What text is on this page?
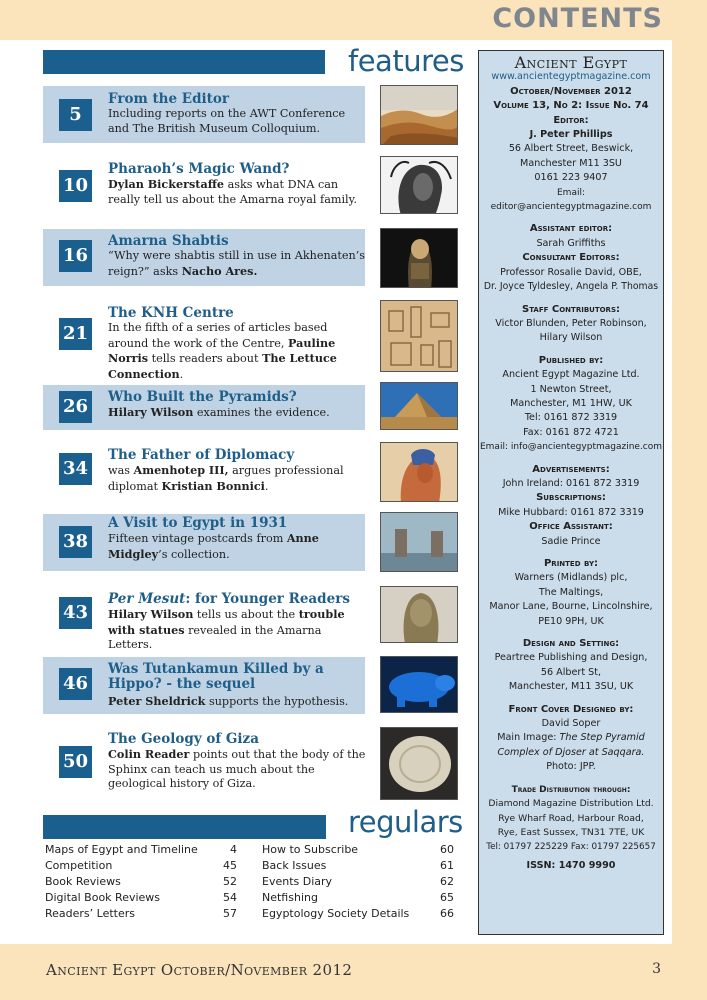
CONTENTS
features
5
From the Editor
Including reports on the AWT Conference and The British Museum Colloquium.
10
Pharaoh’s Magic Wand?
Dylan Bickerstaffe asks what DNA can really tell us about the Amarna royal family.
16
Amarna Shabtis
“Why were shabtis still in use in Akhenaten’s reign?” asks Nacho Ares.
21
The KNH Centre
In the fifth of a series of articles based around the work of the Centre, Pauline Norris tells readers about The Lettuce Connection.
26 Who Built the Pyramids?
Hilary Wilson examines the evidence.
34
The Father of Diplomacy
was Amenhotep III, argues professional diplomat Kristian Bonnici.
38
A Visit to Egypt in 1931
Fifteen vintage postcards from Anne Midgley’s collection.
43
Per Mesut: for Younger Readers
Hilary Wilson tells us about the trouble with statues revealed in the Amarna Letters.
46
Was Tutankamun Killed by a Hippo? - the sequel
Peter Sheldrick supports the hypothesis.
50
The Geology of Giza
Colin Reader points out that the body of the Sphinx can teach us much about the geological history of Giza.
regulars
Maps of Egypt and Timeline	4
Competition	45
Book Reviews	52
Digital Book Reviews	54
Readers’ Letters	57
How to Subscribe	60
Back Issues	61
Events Diary	62
Netfishing	65
Egyptology Society Details	66
Ancient Egypt
www.ancientegyptmagazine.com
October/November 2012
Volume 13, No 2: Issue No. 74
Editor:
J. Peter Phillips
56 Albert Street, Beswick,
Manchester M11 3SU
0161 223 9407
Email: editor@ancientegyptmagazine.com
Assistant editor:
Sarah Griffiths
Consultant Editors:
Professor Rosalie David, OBE,
Dr. Joyce Tyldesley, Angela P. Thomas
Staff Contributors:
Victor Blunden, Peter Robinson,
Hilary Wilson
Published by:
Ancient Egypt Magazine Ltd.
1 Newton Street,
Manchester, M1 1HW, UK
Tel: 0161 872 3319
Fax: 0161 872 4721
Email: info@ancientegyptmagazine.com
Advertisements:
John Ireland: 0161 872 3319
Subscriptions:
Mike Hubbard: 0161 872 3319
Office Assistant:
Sadie Prince
Printed by:
Warners (Midlands) plc,
The Maltings,
Manor Lane, Bourne, Lincolnshire,
PE10 9PH, UK
Design and Setting:
Peartree Publishing and Design,
56 Albert St,
Manchester, M11 3SU, UK
Front Cover Designed by:
David Soper
Main Image: The Step Pyramid
Complex of Djoser at Saqqara.
Photo: JPP.
Trade Distribution through:
Diamond Magazine Distribution Ltd.
Rye Wharf Road, Harbour Road,
Rye, East Sussex, TN31 7TE, UK
Tel: 01797 225229 Fax: 01797 225657
ISSN: 1470 9990
Ancient Egypt October/November 2012	3
